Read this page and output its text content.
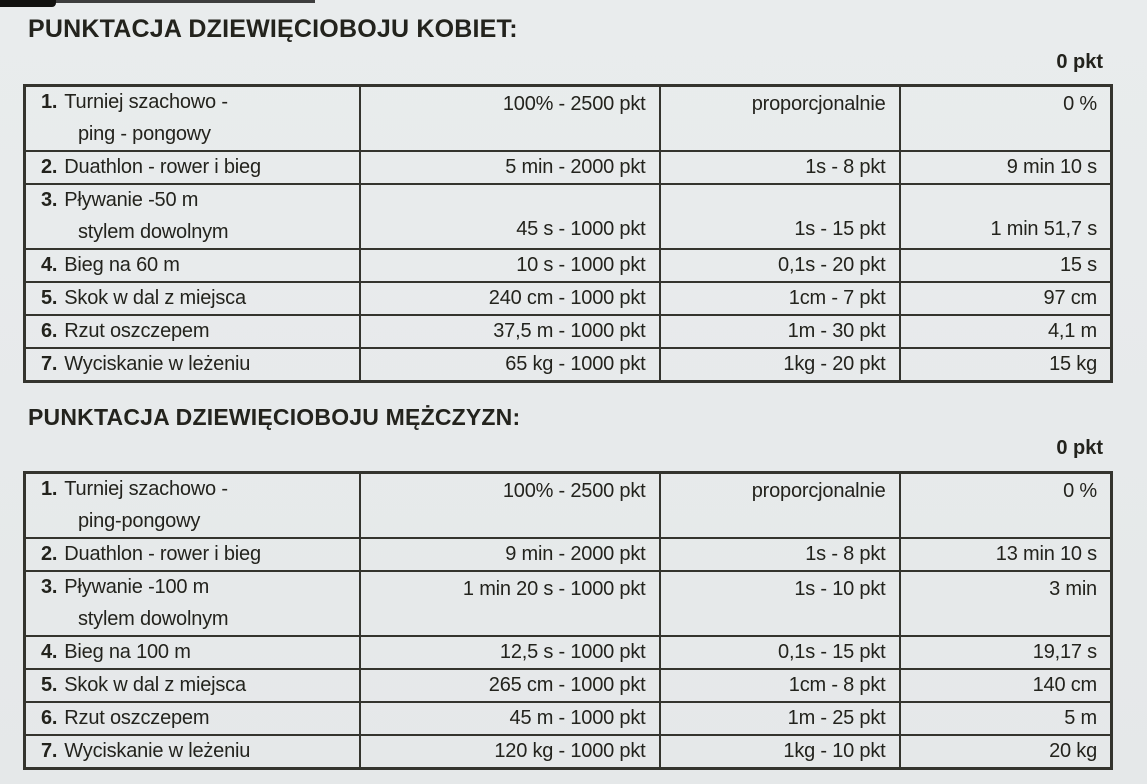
PUNKTACJA DZIEWIĘCIOBOJU KOBIET:
0 pkt
1. Turniej szachowo -
ping - pongowy	100% - 2500 pkt	proporcjonalnie	0 %
2. Duathlon - rower i bieg	5 min - 2000 pkt	1s - 8 pkt	9 min 10 s
3. Pływanie -50 m
stylem dowolnym	45 s - 1000 pkt	1s - 15 pkt	1 min 51,7 s
4. Bieg na 60 m	10 s - 1000 pkt	0,1s - 20 pkt	15 s
5. Skok w dal z miejsca	240 cm - 1000 pkt	1cm - 7 pkt	97 cm
6. Rzut oszczepem	37,5 m - 1000 pkt	1m - 30 pkt	4,1 m
7. Wyciskanie w leżeniu	65 kg - 1000 pkt	1kg - 20 pkt	15 kg
PUNKTACJA DZIEWIĘCIOBOJU MĘŻCZYZN:
0 pkt
1. Turniej szachowo -
ping-pongowy	100% - 2500 pkt	proporcjonalnie	0 %
2. Duathlon - rower i bieg	9 min - 2000 pkt	1s - 8 pkt	13 min 10 s
3. Pływanie -100 m
stylem dowolnym	1 min 20 s - 1000 pkt	1s - 10 pkt	3 min
4. Bieg na 100 m	12,5 s - 1000 pkt	0,1s - 15 pkt	19,17 s
5. Skok w dal z miejsca	265 cm - 1000 pkt	1cm - 8 pkt	140 cm
6. Rzut oszczepem	45 m - 1000 pkt	1m - 25 pkt	5 m
7. Wyciskanie w leżeniu	120 kg - 1000 pkt	1kg - 10 pkt	20 kg
